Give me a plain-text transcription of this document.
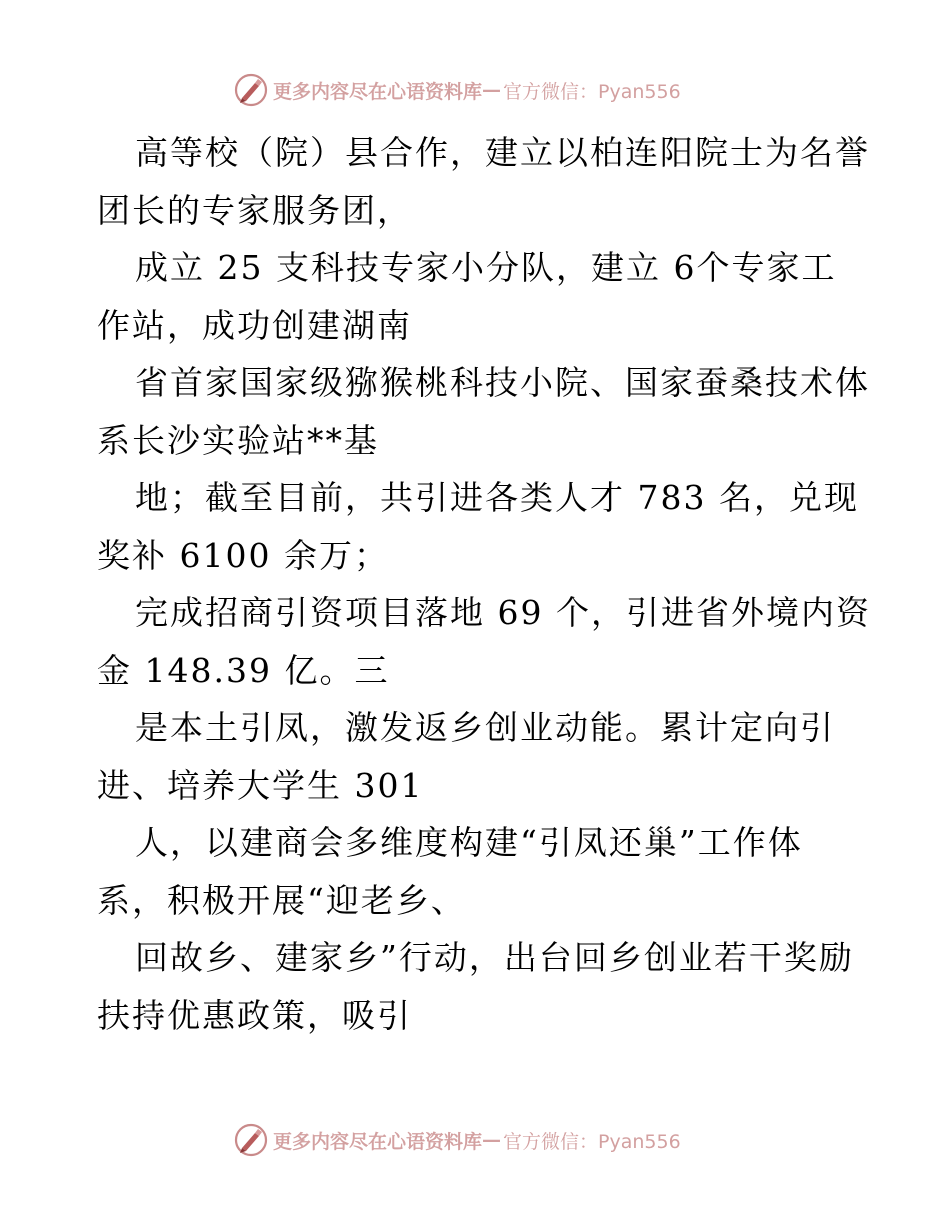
更多内容尽在心语资料库 — 官方微信：Pyan556
高等校（院）县合作，建立以柏连阳院士为名誉
团长的专家服务团，
成立 25 支科技专家小分队，建立 6个专家工
作站，成功创建湖南
省首家国家级猕猴桃科技小院、国家蚕桑技术体
系长沙实验站**基
地；截至目前，共引进各类人才 783 名，兑现
奖补 6100 余万；
完成招商引资项目落地 69 个，引进省外境内资
金 148.39 亿。三
是本土引凤，激发返乡创业动能。累计定向引
进、培养大学生 301
人，以建商会多维度构建“引凤还巢”工作体
系，积极开展“迎老乡、
回故乡、建家乡”行动，出台回乡创业若干奖励
扶持优惠政策，吸引
更多内容尽在心语资料库 — 官方微信：Pyan556
